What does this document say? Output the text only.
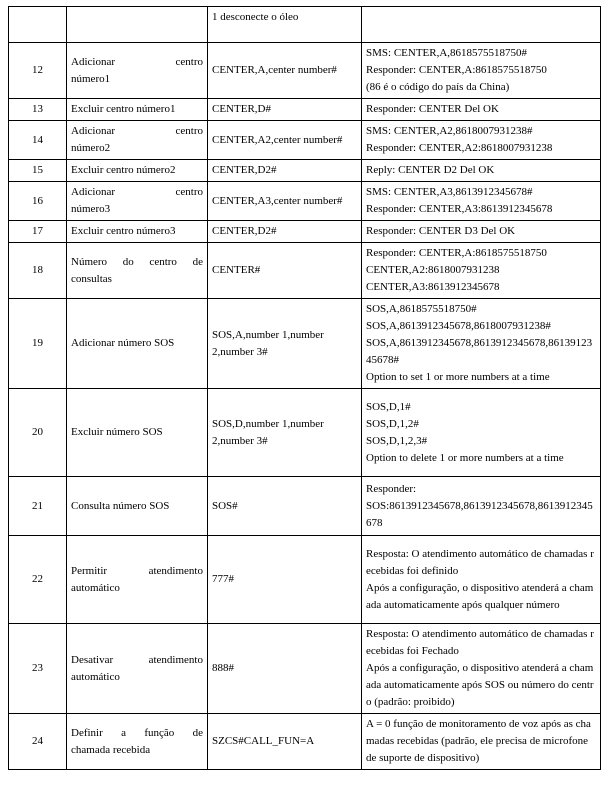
		1 desconecte o óleo	
12	Adicionar centro
número1	CENTER,A,center number#	SMS: CENTER,A,8618575518750#
Responder: CENTER,A:8618575518750
(86 é o código do país da China)

13	Excluir centro número1	CENTER,D#	Responder: CENTER Del OK

14	Adicionar centro
número2	CENTER,A2,center number#	SMS: CENTER,A2,8618007931238#
Responder: CENTER,A2:8618007931238

15	Excluir centro número2	CENTER,D2#	Reply: CENTER D2 Del OK

16	Adicionar centro
número3	CENTER,A3,center number#	SMS: CENTER,A3,8613912345678#
Responder: CENTER,A3:8613912345678

17	Excluir centro número3	CENTER,D2#	Responder: CENTER D3 Del OK

18	Número do centro de
consultas	CENTER#	Responder: CENTER,A:8618575518750
CENTER,A2:8618007931238
CENTER,A3:8613912345678

19	Adicionar número SOS	SOS,A,number 1,number 2,number 3#	SOS,A,8618575518750#
SOS,A,8613912345678,8618007931238#
SOS,A,8613912345678,8613912345678,8613912345678#
Option to set 1 or more numbers at a time

20	Excluir número SOS	SOS,D,number 1,number 2,number 3#	SOS,D,1#
SOS,D,1,2#
SOS,D,1,2,3#
Option to delete 1 or more numbers at a time

21	Consulta número SOS	SOS#	Responder:
SOS:8613912345678,8613912345678,8613912345678

22	Permitir atendimento
automático	777#	Resposta: O atendimento automático de chamadas recebidas foi definido
Após a configuração, o dispositivo atenderá a chamada automaticamente após qualquer número

23	Desativar atendimento
automático	888#	Resposta: O atendimento automático de chamadas recebidas foi Fechado
Após a configuração, o dispositivo atenderá a chamada automaticamente após SOS ou número do centro (padrão: proibido)

24	Definir a função de
chamada recebida	SZCS#CALL_FUN=A	A = 0 função de monitoramento de voz após as chamadas recebidas (padrão, ele precisa de microfone de suporte de dispositivo)
